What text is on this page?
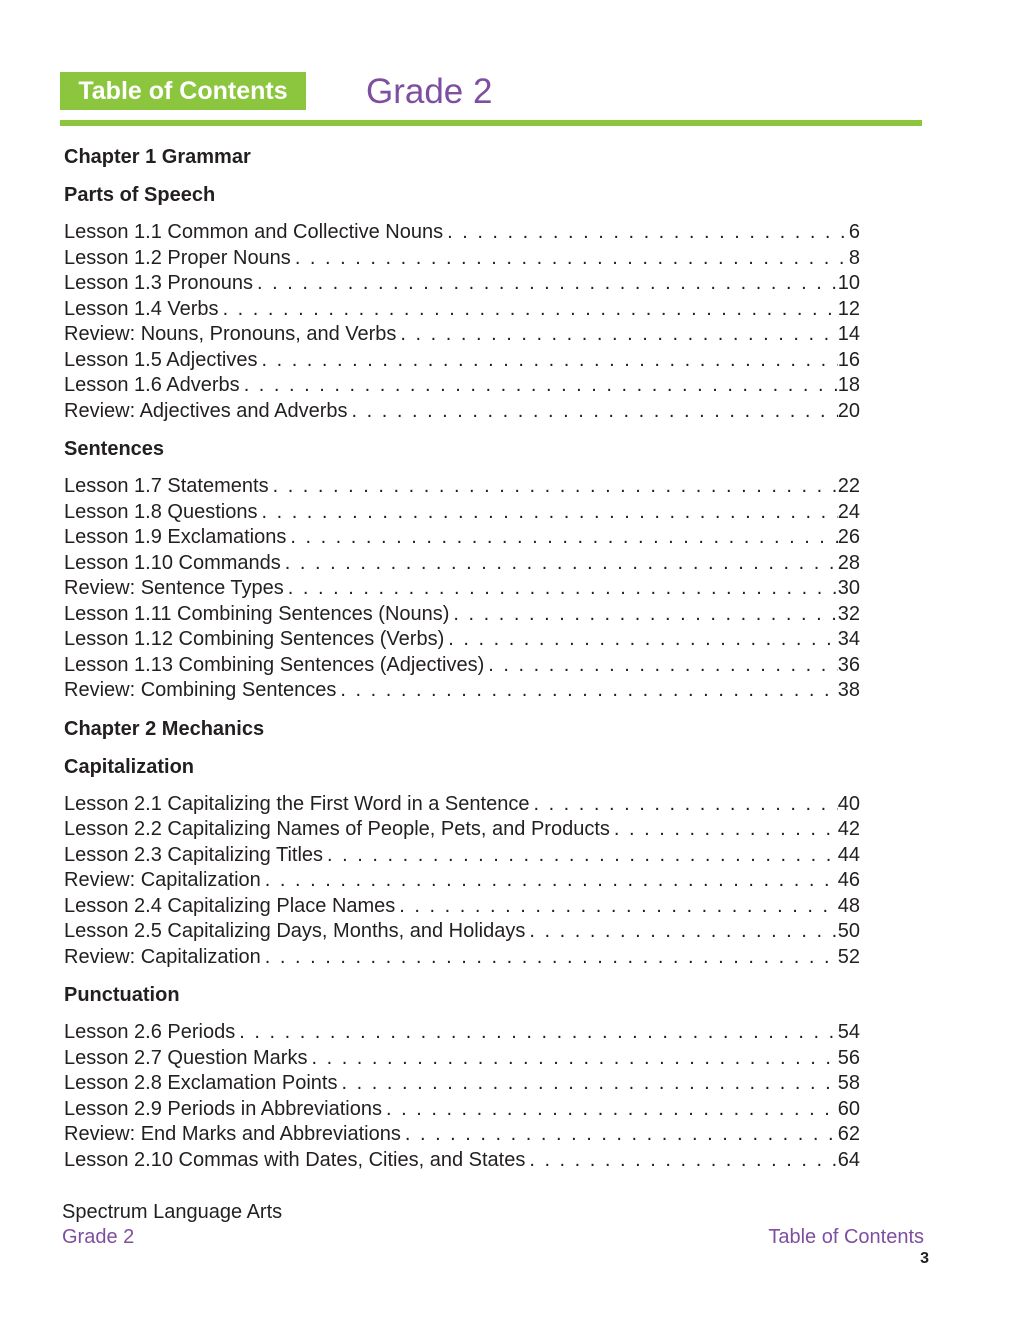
Table of Contents	Grade 2
Chapter 1 Grammar
Parts of Speech
Lesson 1.1 Common and Collective Nouns . . .	6
Lesson 1.2 Proper Nouns . . .	8
Lesson 1.3 Pronouns . . .	10
Lesson 1.4 Verbs . . .	12
Review: Nouns, Pronouns, and Verbs . . .	14
Lesson 1.5 Adjectives . . .	16
Lesson 1.6 Adverbs . . .	18
Review: Adjectives and Adverbs . . .	20
Sentences
Lesson 1.7 Statements . . .	22
Lesson 1.8 Questions . . .	24
Lesson 1.9 Exclamations . . .	26
Lesson 1.10 Commands . . .	28
Review: Sentence Types . . .	30
Lesson 1.11 Combining Sentences (Nouns) . . .	32
Lesson 1.12 Combining Sentences (Verbs) . . .	34
Lesson 1.13 Combining Sentences (Adjectives) . . .	36
Review: Combining Sentences . . .	38
Chapter 2 Mechanics
Capitalization
Lesson 2.1 Capitalizing the First Word in a Sentence . . .	40
Lesson 2.2 Capitalizing Names of People, Pets, and Products . . .	42
Lesson 2.3 Capitalizing Titles . . .	44
Review: Capitalization . . .	46
Lesson 2.4 Capitalizing Place Names . . .	48
Lesson 2.5 Capitalizing Days, Months, and Holidays . . .	50
Review: Capitalization . . .	52
Punctuation
Lesson 2.6 Periods . . .	54
Lesson 2.7 Question Marks . . .	56
Lesson 2.8 Exclamation Points . . .	58
Lesson 2.9 Periods in Abbreviations . . .	60
Review: End Marks and Abbreviations . . .	62
Lesson 2.10 Commas with Dates, Cities, and States . . .	64
Spectrum Language Arts
Grade 2	Table of Contents
3
